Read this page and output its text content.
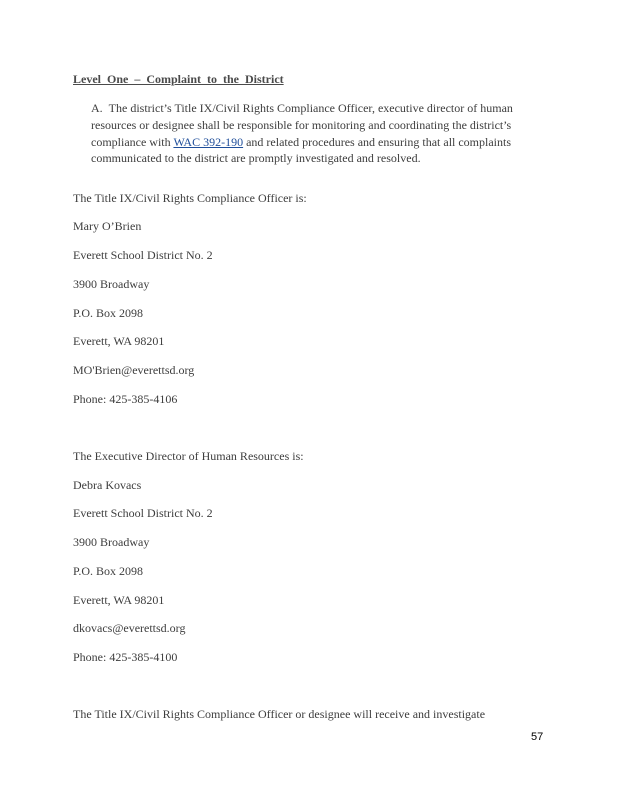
Level One – Complaint to the District
A. The district’s Title IX/Civil Rights Compliance Officer, executive director of human resources or designee shall be responsible for monitoring and coordinating the district’s compliance with WAC 392-190 and related procedures and ensuring that all complaints communicated to the district are promptly investigated and resolved.
The Title IX/Civil Rights Compliance Officer is:
Mary O’Brien
Everett School District No. 2
3900 Broadway
P.O. Box 2098
Everett, WA 98201
MO'Brien@everettsd.org
Phone: 425-385-4106
The Executive Director of Human Resources is:
Debra Kovacs
Everett School District No. 2
3900 Broadway
P.O. Box 2098
Everett, WA 98201
dkovacs@everettsd.org
Phone: 425-385-4100
The Title IX/Civil Rights Compliance Officer or designee will receive and investigate
57
